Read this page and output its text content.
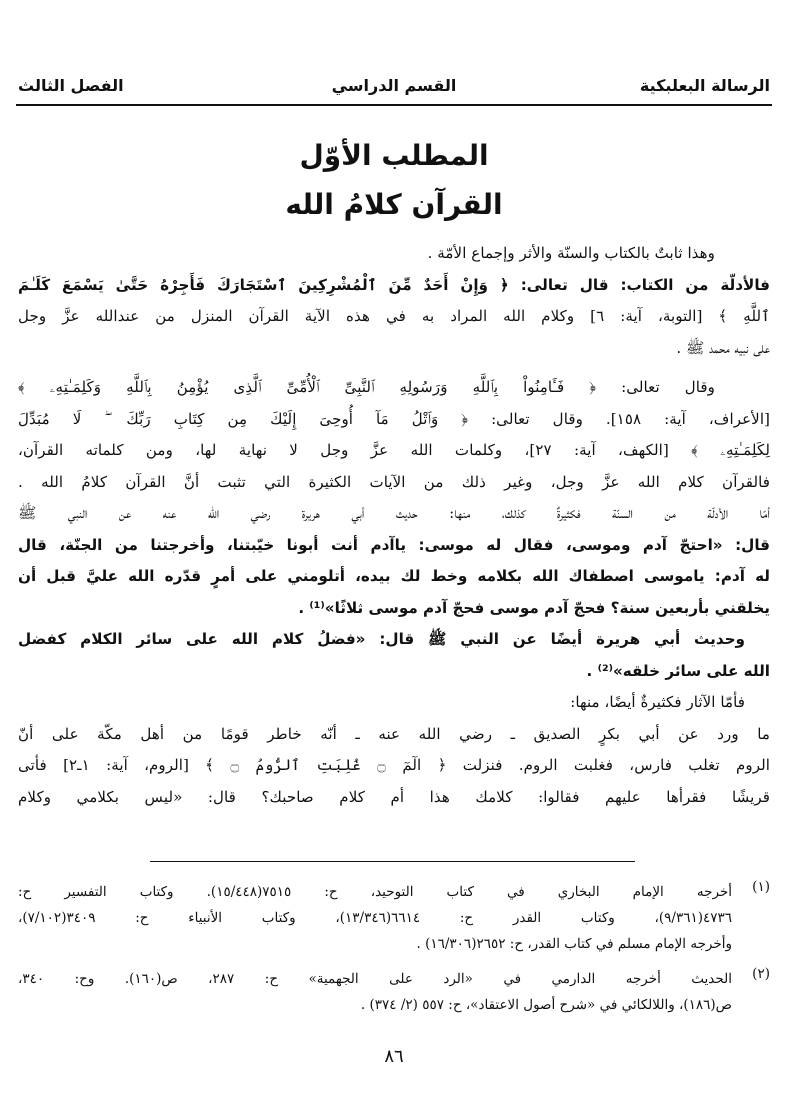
الرسالة البعلبكية
القسم الدراسي
الفصل الثالث
المطلب الأوّل
القرآن كلامُ الله
وهذا ثابتٌ بالكتاب والسنّة والأثر وإجماع الأمّة .
فالأدلّة من الكتاب: قال تعالى: ﴿ وَإِنْ أَحَدٌ مِّنَ ٱلْمُشْرِكِينَ ٱسْتَجَارَكَ فَأَجِرْهُ حَتَّىٰ يَسْمَعَ كَلَـٰمَ
ٱللَّهِ ﴾ [التوبة، آية: ٦] وكلام الله المراد به في هذه الآية القرآن المنزل من عندالله عزَّ وجل
على نبيه محمد ﷺ .
وقال تعالى: ﴿ فَـَٔامِنُواْ بِٱللَّهِ وَرَسُولِهِ ٱلنَّبِىِّ ٱلْأُمِّىِّ ٱلَّذِى يُؤْمِنُ بِٱللَّهِ وَكَلِمَـٰتِهِۦ ﴾
[الأعراف، آية: ١٥٨]. وقال تعالى: ﴿ وَٱتْلُ مَآ أُوحِىَ إِلَيْكَ مِن كِتَابِ رَبِّكَ ۖ لَا مُبَدِّلَ
لِكَلِمَـٰتِهِۦ ﴾ [الكهف، آية: ٢٧]، وكلمات الله عزَّ وجل لا نهاية لها، ومن كلماته القرآن،
فالقرآن كلام الله عزَّ وجل، وغير ذلك من الآيات الكثيرة التي تثبت أنَّ القرآن كلامُ الله .
أمّا الأدلّة من السنّة فكثيرةٌ كذلك، منها: حديث أبي هريرة رضي الله عنه عن النبي ﷺ
قال: «احتجّ آدم وموسى، فقال له موسى: ياآدم أنت أبونا خيّبتنا، وأخرجتنا من الجنّة، قال
له آدم: ياموسى اصطفاك الله بكلامه وخط لك بيده، أتلومني على أمرٍ قدّره الله عليَّ قبل أن
يخلقني بأربعين سنة؟ فحجّ آدم موسى فحجّ آدم موسى ثلاثًا»⁽¹⁾ .
وحديث أبي هريرة أيضًا عن النبي ﷺ قال: «فضلُ كلام الله على سائر الكلام كفضل
الله على سائر خلقه»⁽²⁾ .
فأمّا الآثار فكثيرةٌ أيضًا، منها:
ما ورد عن أبي بكرٍ الصديق ـ رضي الله عنه ـ أنّه خاطر قومًا من أهل مكّة على أنّ
الروم تغلب فارس، فغلبت الروم. فنزلت ﴿ الٓمٓ ۝ غُلِبَتِ ٱلرُّومُ ۝ ﴾ [الروم، آية: ١ـ٢] فأتى
قريشًا فقرأها عليهم فقالوا: كلامك هذا أم كلام صاحبك؟ قال: «ليس بكلامي وكلام
(١)
أخرجه الإمام البخاري في كتاب التوحيد، ح: ٧٥١٥(١٥/٤٤٨). وكتاب التفسير ح:
٤٧٣٦(٩/٣٦١)، وكتاب القدر ح: ٦٦١٤(١٣/٣٤٦)، وكتاب الأنبياء ح: ٣٤٠٩(٧/١٠٢)،
وأخرجه الإمام مسلم في كتاب القدر، ح: ٢٦٥٢(١٦/٣٠٦) .
(٢)
الحديث أخرجه الدارمي في «الرد على الجهمية» ح: ٢٨٧، ص(١٦٠). وح: ٣٤٠،
ص(١٨٦)، واللالكائي في «شرح أصول الاعتقاد»، ح: ٥٥٧ (٢/ ٣٧٤) .
٨٦
